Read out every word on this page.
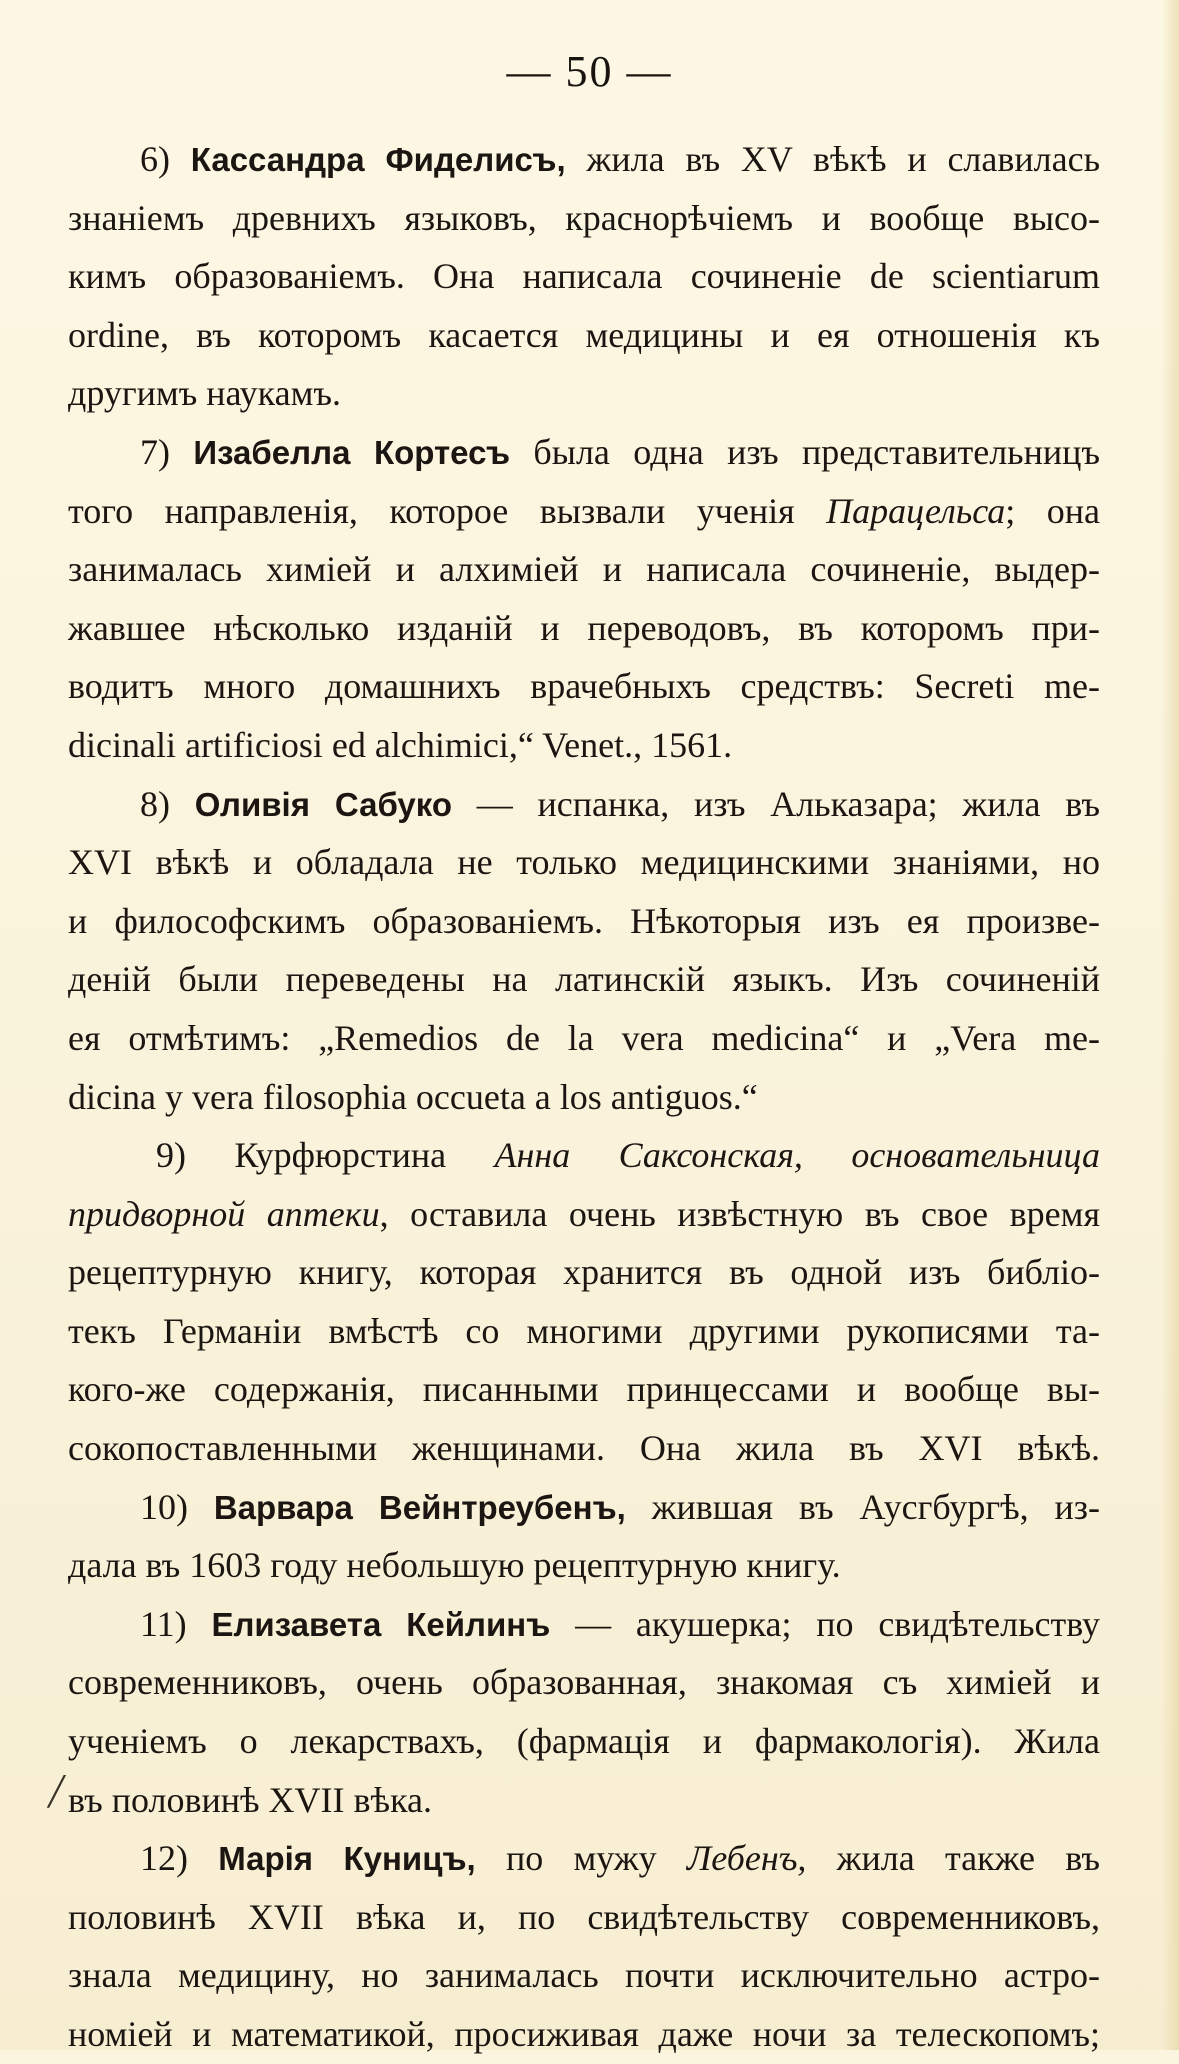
— 50 —
6) Кассандра Фиделисъ, жила въ XV вѣкѣ и славилась
знаніемъ древнихъ языковъ, краснорѣчіемъ и вообще высо-
кимъ образованіемъ. Она написала сочиненіе de scientiarum
ordine, въ которомъ касается медицины и ея отношенія къ
другимъ наукамъ.
7) Изабелла Кортесъ была одна изъ представительницъ
того направленія, которое вызвали ученія Парацельса; она
занималась химіей и алхиміей и написала сочиненіе, выдер-
жавшее нѣсколько изданій и переводовъ, въ которомъ при-
водитъ много домашнихъ врачебныхъ средствъ: Secreti me-
dicinali artificiosi ed alchimici,“ Venet., 1561.
8) Оливія Сабуко — испанка, изъ Альказара; жила въ
XVI вѣкѣ и обладала не только медицинскими знаніями, но
и философскимъ образованіемъ. Нѣкоторыя изъ ея произве-
деній были переведены на латинскій языкъ. Изъ сочиненій
ея отмѣтимъ: „Remedios de la vera medicina“ и „Vera me-
dicina y vera filosophia occueta a los antiguos.“
9) Курфюрстина Анна Саксонская, основательница
придворной аптеки, оставила очень извѣстную въ свое время
рецептурную книгу, которая хранится въ одной изъ библіо-
текъ Германіи вмѣстѣ со многими другими рукописями та-
кого-же содержанія, писанными принцессами и вообще вы-
сокопоставленными женщинами. Она жила въ XVI вѣкѣ.
10) Варвара Вейнтреубенъ, жившая въ Аусгбургѣ, из-
дала въ 1603 году небольшую рецептурную книгу.
11) Елизавета Кейлинъ — акушерка; по свидѣтельству
современниковъ, очень образованная, знакомая съ химіей и
ученіемъ о лекарствахъ, (фармація и фармакологія). Жила
въ половинѣ XVII вѣка.
12) Марія Куницъ, по мужу Лебенъ, жила также въ
половинѣ XVII вѣка и, по свидѣтельству современниковъ,
знала медицину, но занималась почти исключительно астро-
номіей и математикой, просиживая даже ночи за телескопомъ;
╱
